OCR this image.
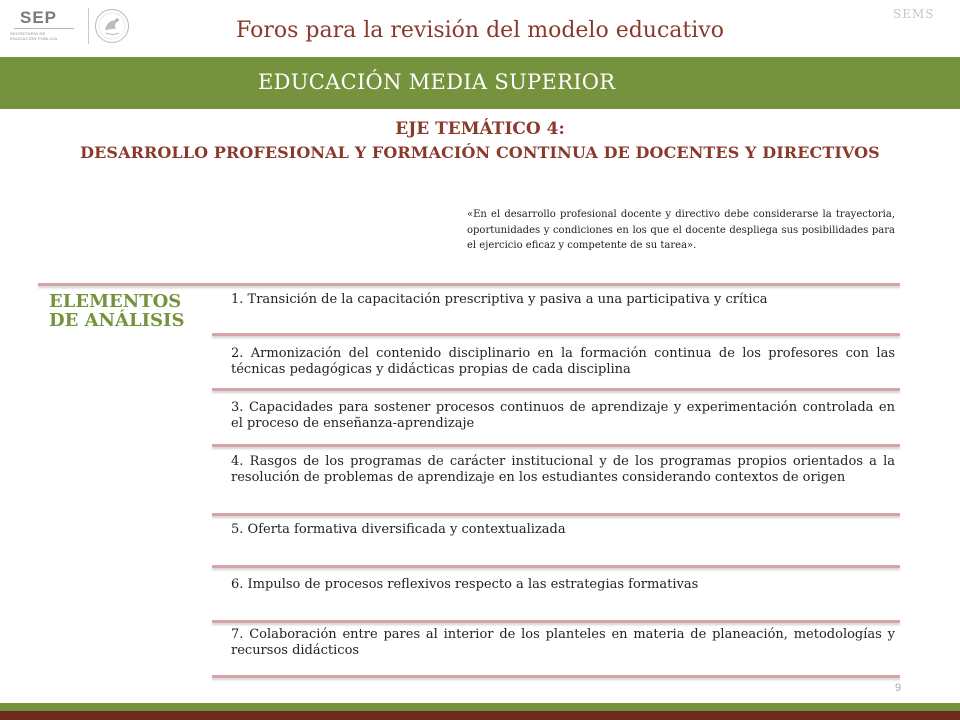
SEP
SECRETARÍA DE
EDUCACIÓN PÚBLICA
SEMS
Foros para la revisión del modelo educativo
EDUCACIÓN MEDIA SUPERIOR
EJE TEMÁTICO 4:

DESARROLLO PROFESIONAL Y FORMACIÓN CONTINUA DE DOCENTES Y DIRECTIVOS
«En el desarrollo profesional docente y directivo debe considerarse la trayectoria, oportunidades y condiciones en los que el docente despliega sus posibilidades para el ejercicio eficaz y competente de su tarea».
ELEMENTOS DE ANÁLISIS
1. Transición de la capacitación prescriptiva y pasiva a una participativa y crítica
2. Armonización del contenido disciplinario en la formación continua de los profesores con las técnicas pedagógicas y didácticas propias de cada disciplina
3. Capacidades para sostener procesos continuos de aprendizaje y experimentación controlada en el proceso de enseñanza-aprendizaje
4. Rasgos de los programas de carácter institucional y de los programas propios orientados a la resolución de problemas de aprendizaje en los estudiantes considerando contextos de origen
5. Oferta formativa diversificada y contextualizada
6. Impulso de procesos reflexivos respecto a las estrategias formativas
7. Colaboración entre pares al interior de los planteles en materia de planeación, metodologías y recursos didácticos
9
